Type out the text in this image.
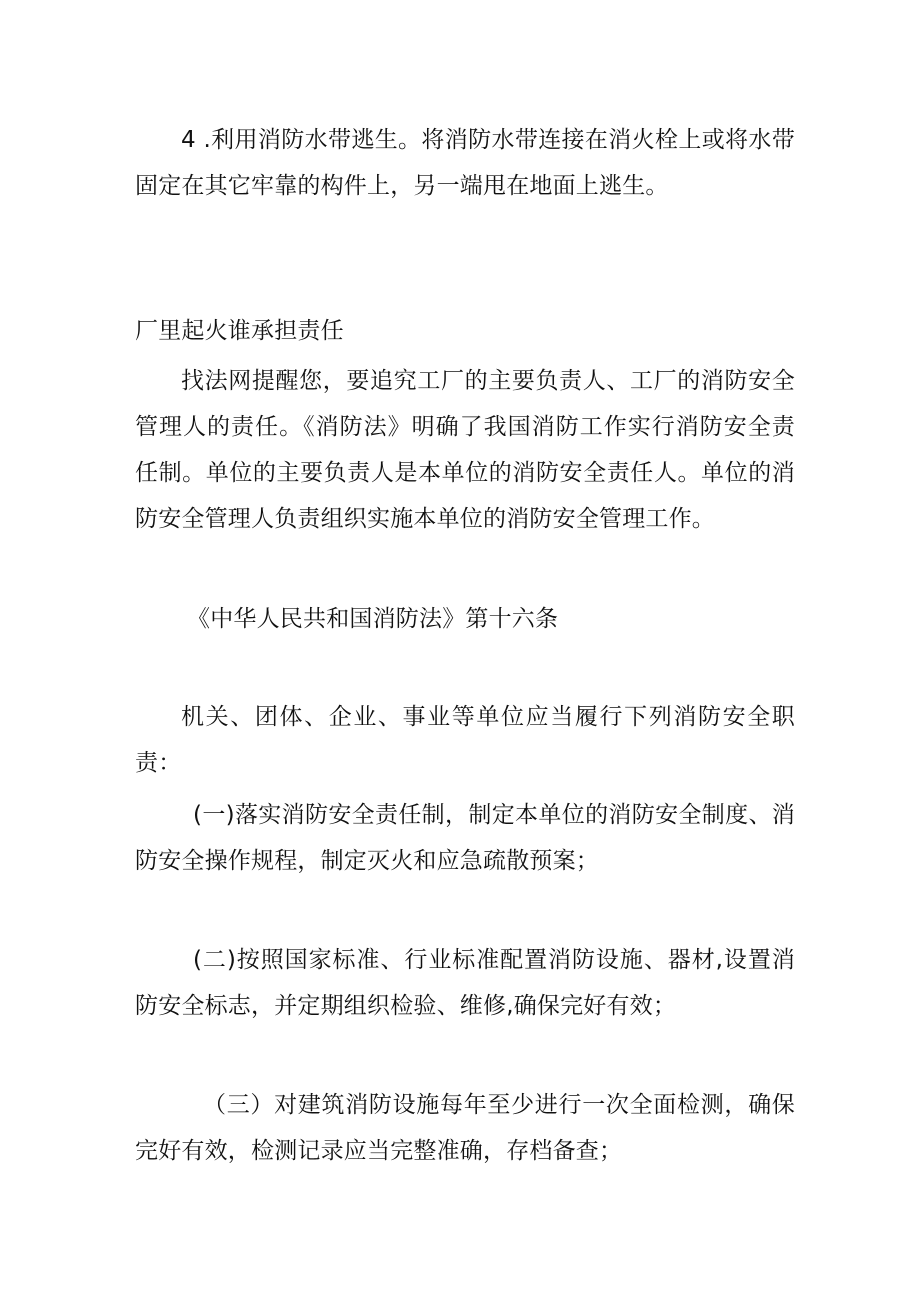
4 .利用消防水带逃生。将消防水带连接在消火栓上或将水带固定在其它牢靠的构件上，另一端甩在地面上逃生。

厂里起火谁承担责任

找法网提醒您，要追究工厂的主要负责人、工厂的消防安全管理人的责任。《消防法》明确了我国消防工作实行消防安全责任制。单位的主要负责人是本单位的消防安全责任人。单位的消防安全管理人负责组织实施本单位的消防安全管理工作。

《中华人民共和国消防法》第十六条

机关、团体、企业、事业等单位应当履行下列消防安全职责：

(一)落实消防安全责任制，制定本单位的消防安全制度、消防安全操作规程，制定灭火和应急疏散预案；

(二)按照国家标准、行业标准配置消防设施、器材,设置消防安全标志，并定期组织检验、维修,确保完好有效；

（三）对建筑消防设施每年至少进行一次全面检测，确保完好有效，检测记录应当完整准确，存档备查；
